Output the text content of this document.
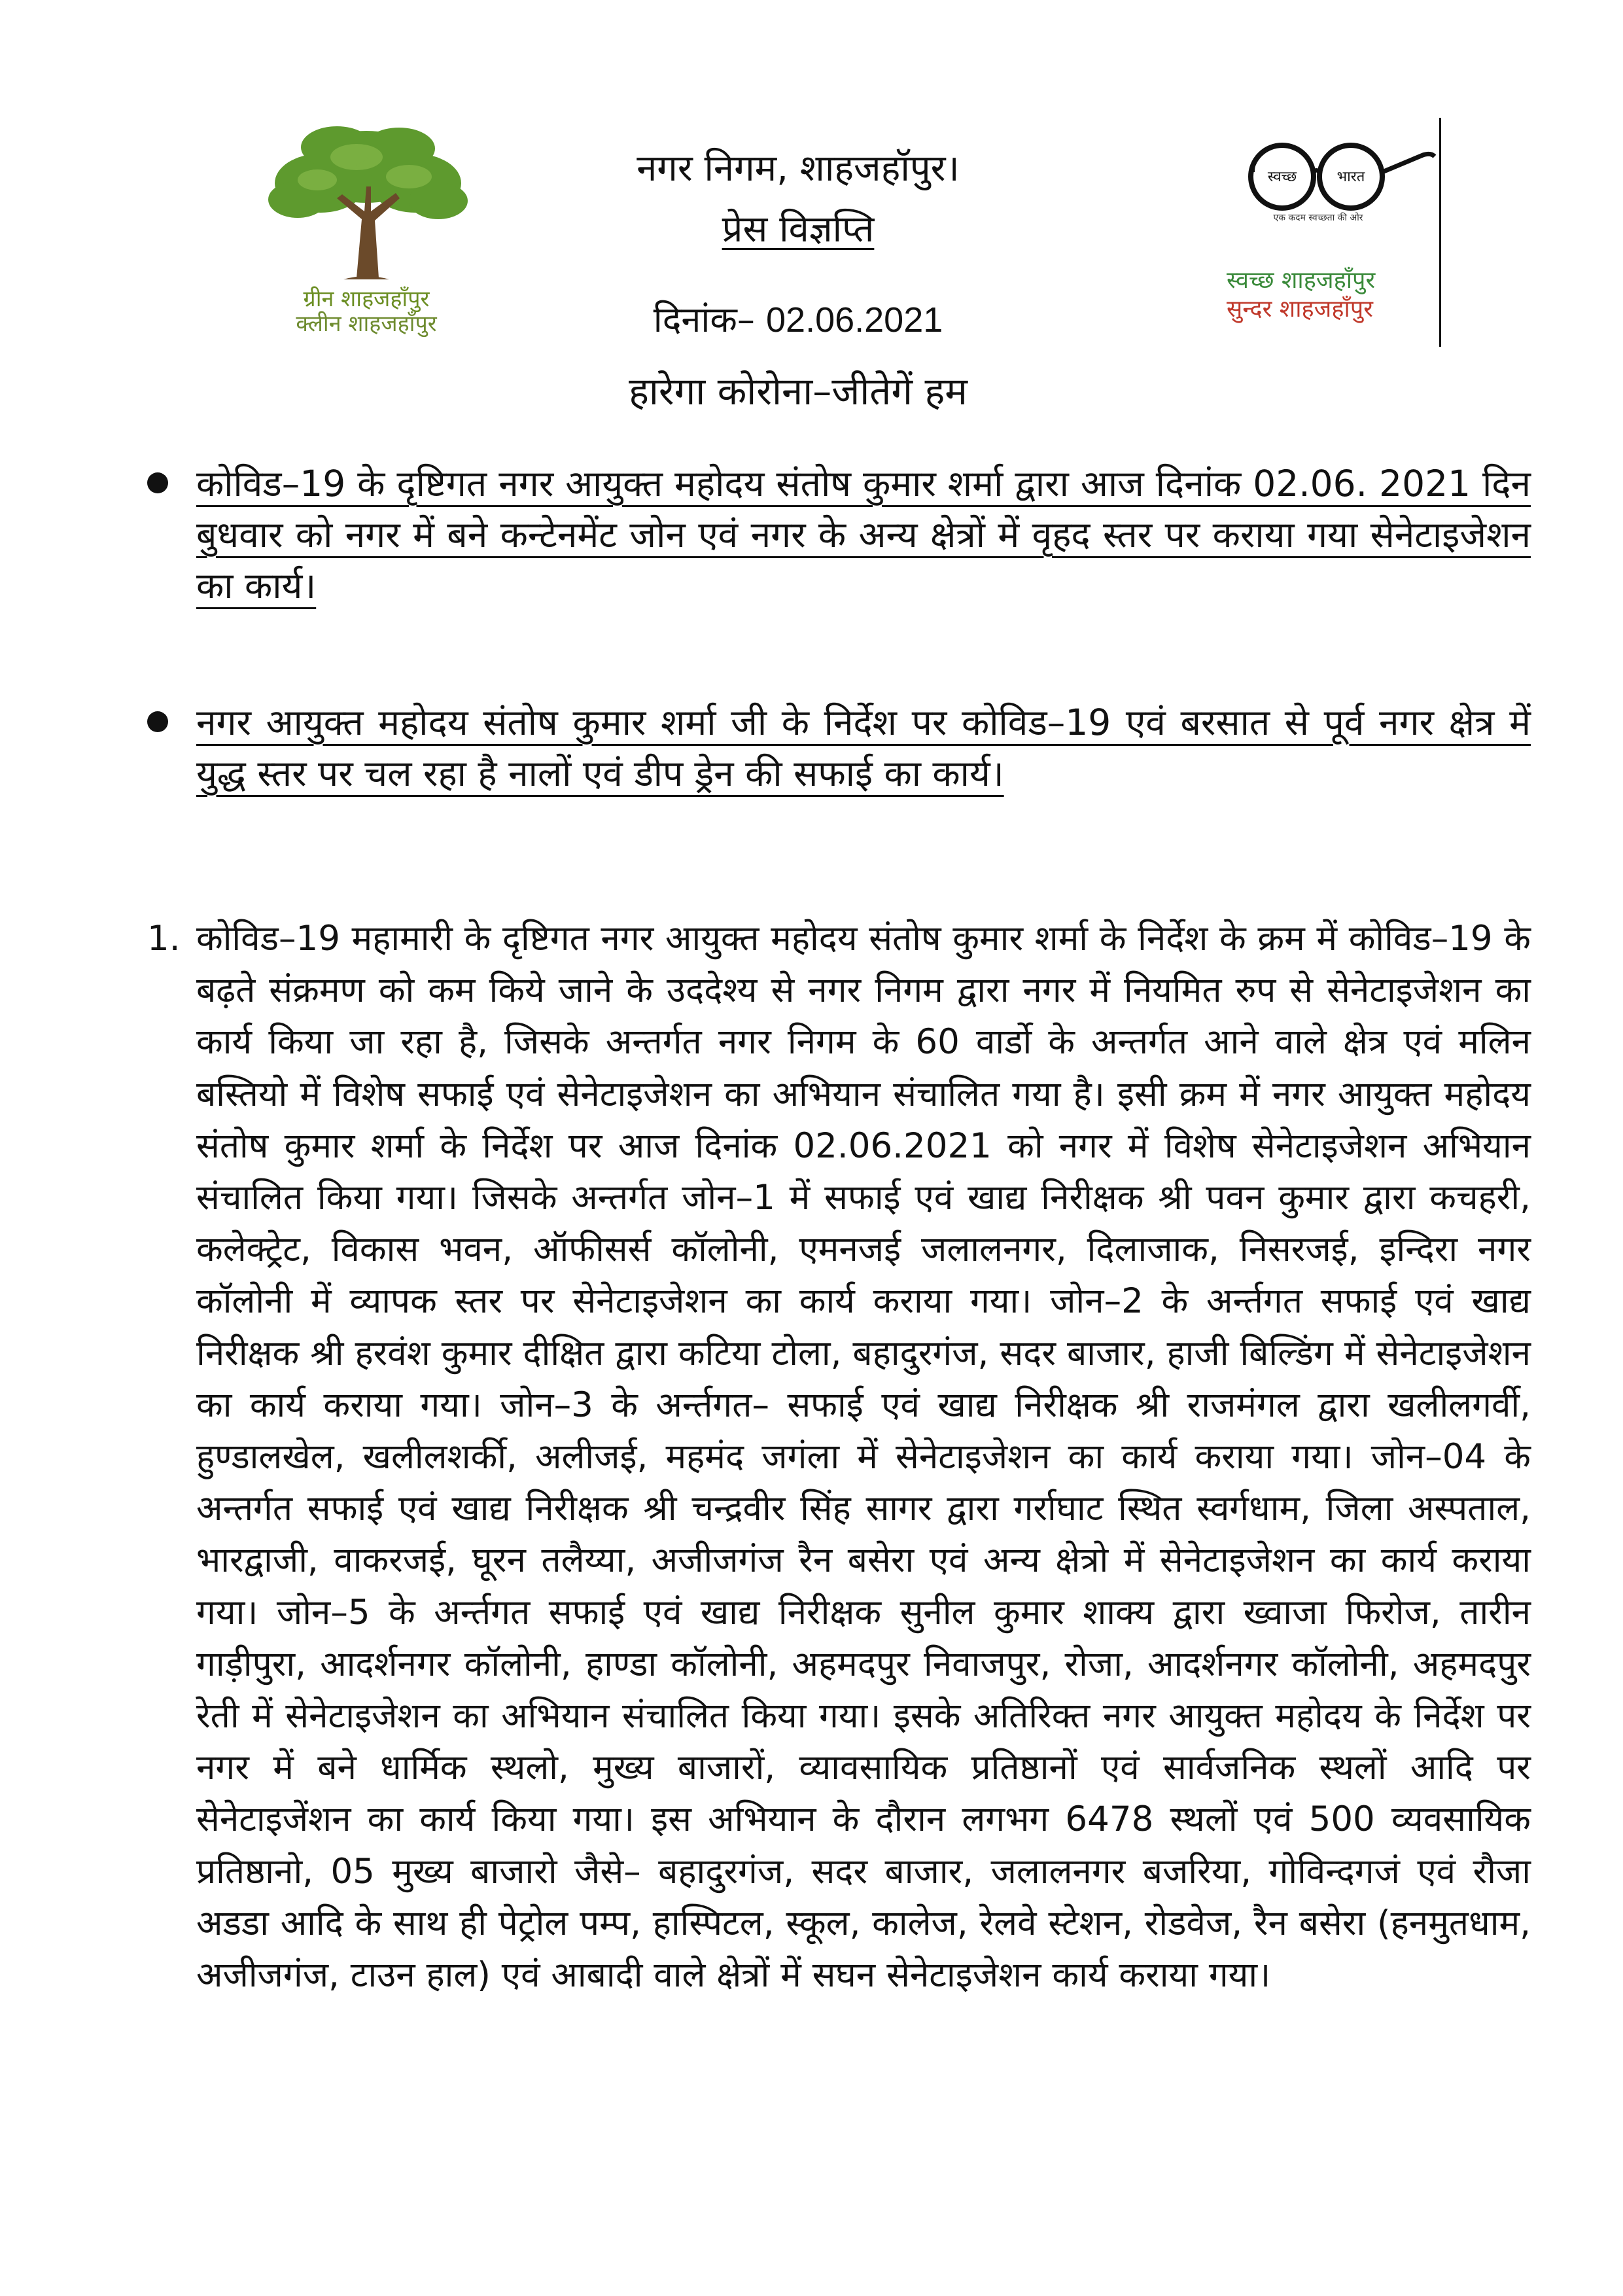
ग्रीन शाहजहाँपुर
क्लीन शाहजहाँपुर
नगर निगम, शाहजहॉपुर।
प्रेस विज्ञप्ति
दिनांक– 02.06.2021
हारेगा कोरोना–जीतेगें हम
स्वच्छ	भारत
एक कदम स्वच्छता की ओर
स्वच्छ शाहजहाँपुर
सुन्दर शाहजहाँपुर
कोविड–19 के दृष्टिगत नगर आयुक्त महोदय संतोष कुमार शर्मा द्वारा आज दिनांक 02.06. 2021 दिन बुधवार को नगर में बने कन्टेनमेंट जोन एवं नगर के अन्य क्षेत्रों में वृहद स्तर पर कराया गया सेनेटाइजेशन का कार्य।
नगर आयुक्त महोदय संतोष कुमार शर्मा जी के निर्देश पर कोविड–19 एवं बरसात से पूर्व नगर क्षेत्र में युद्ध स्तर पर चल रहा है नालों एवं डीप ड्रेन की सफाई का कार्य।
1. कोविड–19 महामारी के दृष्टिगत नगर आयुक्त महोदय संतोष कुमार शर्मा के निर्देश के क्रम में कोविड–19 के बढ़ते संक्रमण को कम किये जाने के उददेश्य से नगर निगम द्वारा नगर में नियमित रुप से सेनेटाइजेशन का कार्य किया जा रहा है, जिसके अन्तर्गत नगर निगम के 60 वार्डो के अन्तर्गत आने वाले क्षेत्र एवं मलिन बस्तियो में विशेष सफाई एवं सेनेटाइजेशन का अभियान संचालित गया है। इसी क्रम में नगर आयुक्त महोदय संतोष कुमार शर्मा के निर्देश पर आज दिनांक 02.06.2021 को नगर में विशेष सेनेटाइजेशन अभियान संचालित किया गया। जिसके अन्तर्गत जोन–1 में सफाई एवं खाद्य निरीक्षक श्री पवन कुमार द्वारा कचहरी, कलेक्ट्रेट, विकास भवन, ऑफीसर्स कॉलोनी, एमनजई जलालनगर, दिलाजाक, निसरजई, इन्दिरा नगर कॉलोनी में व्यापक स्तर पर सेनेटाइजेशन का कार्य कराया गया। जोन–2 के अर्न्तगत सफाई एवं खाद्य निरीक्षक श्री हरवंश कुमार दीक्षित द्वारा कटिया टोला, बहादुरगंज, सदर बाजार, हाजी बिल्डिंग में सेनेटाइजेशन का कार्य कराया गया। जोन–3 के अर्न्तगत– सफाई एवं खाद्य निरीक्षक श्री राजमंगल द्वारा खलीलगर्वी, हुण्डालखेल, खलीलशर्की, अलीजई, महमंद जगंला में सेनेटाइजेशन का कार्य कराया गया। जोन–04 के अन्तर्गत सफाई एवं खाद्य निरीक्षक श्री चन्द्रवीर सिंह सागर द्वारा गर्राघाट स्थित स्वर्गधाम, जिला अस्पताल, भारद्वाजी, वाकरजई, घूरन तलैय्या, अजीजगंज रैन बसेरा एवं अन्य क्षेत्रो में सेनेटाइजेशन का कार्य कराया गया। जोन–5 के अर्न्तगत सफाई एवं खाद्य निरीक्षक सुनील कुमार शाक्य द्वारा ख्वाजा फिरोज, तारीन गाड़ीपुरा, आदर्शनगर कॉलोनी, हाण्डा कॉलोनी, अहमदपुर निवाजपुर, रोजा, आदर्शनगर कॉलोनी, अहमदपुर रेती में सेनेटाइजेशन का अभियान संचालित किया गया। इसके अतिरिक्त नगर आयुक्त महोदय के निर्देश पर नगर में बने धार्मिक स्थलो, मुख्य बाजारों, व्यावसायिक प्रतिष्ठानों एवं सार्वजनिक स्थलों आदि पर सेनेटाइजेंशन का कार्य किया गया। इस अभियान के दौरान लगभग 6478 स्थलों एवं 500 व्यवसायिक प्रतिष्ठानो, 05 मुख्य बाजारो जैसे– बहादुरगंज, सदर बाजार, जलालनगर बजरिया, गोविन्दगजं एवं रौजा अडडा आदि के साथ ही पेट्रोल पम्प, हास्पिटल, स्कूल, कालेज, रेलवे स्टेशन, रोडवेज, रैन बसेरा (हनमुतधाम, अजीजगंज, टाउन हाल) एवं आबादी वाले क्षेत्रों में सघन सेनेटाइजेशन कार्य कराया गया।
